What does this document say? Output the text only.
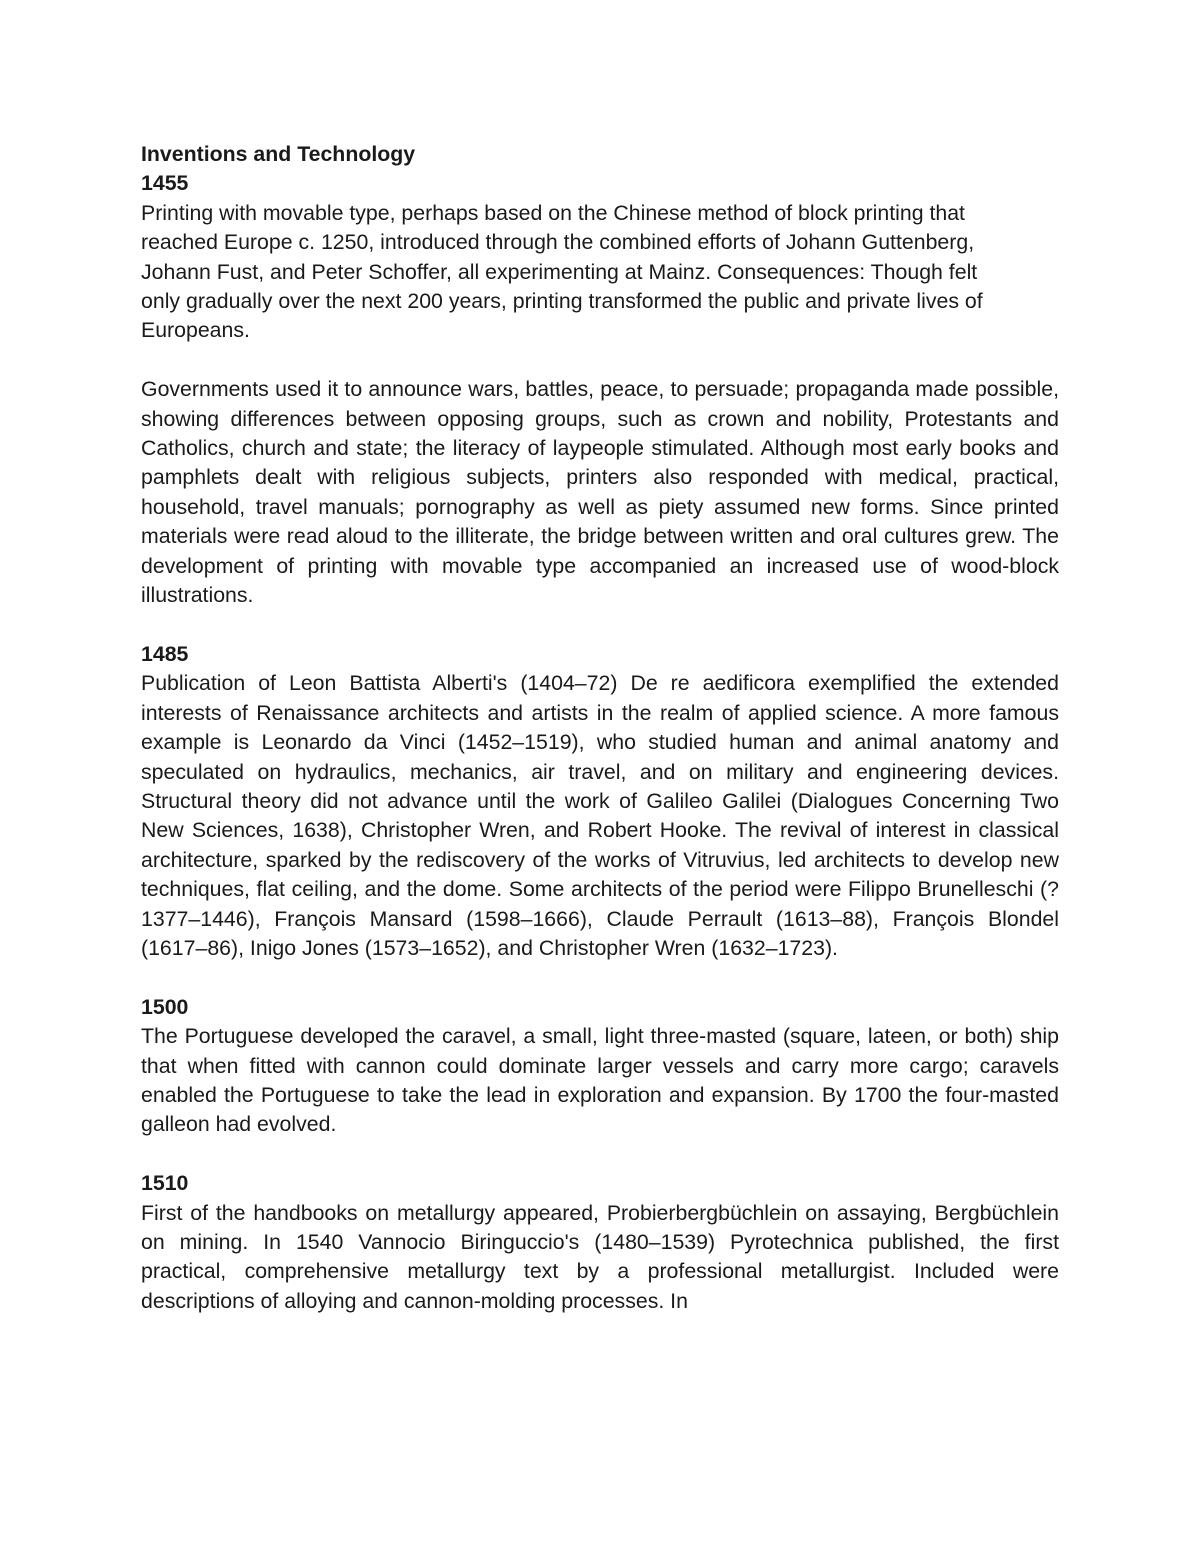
Inventions and Technology

1455

Printing with movable type, perhaps based on the Chinese method of block printing that

reached Europe c. 1250, introduced through the combined efforts of Johann Guttenberg,

Johann Fust, and Peter Schoffer, all experimenting at Mainz. Consequences: Though felt

only gradually over the next 200 years, printing transformed the public and private lives of Europeans.

Governments used it to announce wars, battles, peace, to persuade; propaganda made possible, showing differences between opposing groups, such as crown and nobility, Protestants and Catholics, church and state; the literacy of laypeople stimulated. Although most early books and pamphlets dealt with religious subjects, printers also responded with medical, practical, household, travel manuals; pornography as well as piety assumed new forms. Since printed materials were read aloud to the illiterate, the bridge between written and oral cultures grew. The development of printing with movable type accompanied an increased use of wood-block illustrations.

1485

Publication of Leon Battista Alberti's (1404–72) De re aedificora exemplified the extended interests of Renaissance architects and artists in the realm of applied science. A more famous example is Leonardo da Vinci (1452–1519), who studied human and animal anatomy and speculated on hydraulics, mechanics, air travel, and on military and engineering devices. Structural theory did not advance until the work of Galileo Galilei (Dialogues Concerning Two New Sciences, 1638), Christopher Wren, and Robert Hooke. The revival of interest in classical architecture, sparked by the rediscovery of the works of Vitruvius, led architects to develop new techniques, flat ceiling, and the dome. Some architects of the period were Filippo Brunelleschi (?1377–1446), François Mansard (1598–1666), Claude Perrault (1613–88), François Blondel (1617–86), Inigo Jones (1573–1652), and Christopher Wren (1632–1723).

1500

The Portuguese developed the caravel, a small, light three-masted (square, lateen, or both) ship that when fitted with cannon could dominate larger vessels and carry more cargo; caravels enabled the Portuguese to take the lead in exploration and expansion. By 1700 the four-masted galleon had evolved.

1510

First of the handbooks on metallurgy appeared, Probierbergbüchlein on assaying, Bergbüchlein on mining. In 1540 Vannocio Biringuccio's (1480–1539) Pyrotechnica published, the first practical, comprehensive metallurgy text by a professional metallurgist. Included were descriptions of alloying and cannon-molding processes. In
